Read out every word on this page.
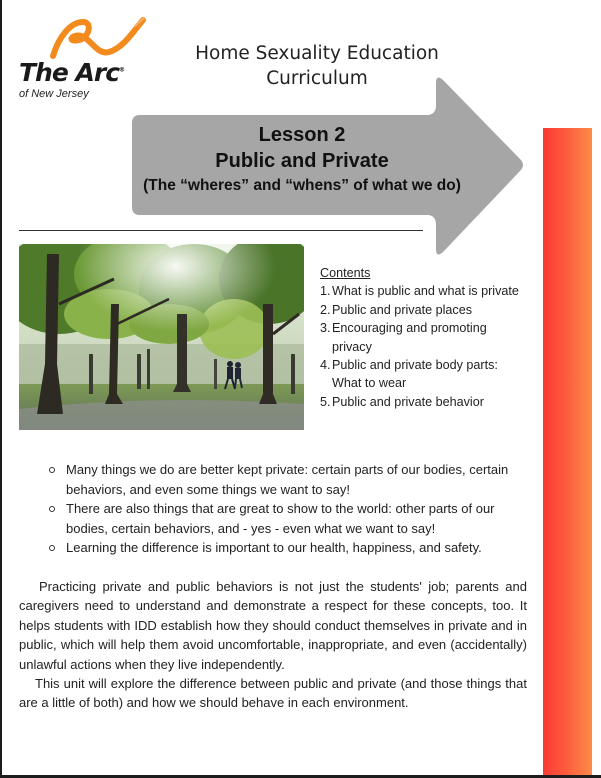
The Arc®
of New Jersey
Home Sexuality Education
Curriculum
Lesson 2
Public and Private
(The “wheres” and “whens” of what we do)
Contents
1. What is public and what is private
2. Public and private places
3. Encouraging and promoting privacy
4. Public and private body parts: What to wear
5. Public and private behavior
Many things we do are better kept private: certain parts of our bodies, certain behaviors, and even some things we want to say!
There are also things that are great to show to the world: other parts of our bodies, certain behaviors, and - yes - even what we want to say!
Learning the difference is important to our health, happiness, and safety.

Practicing private and public behaviors is not just the students' job; parents and caregivers need to understand and demonstrate a respect for these concepts, too. It helps students with IDD establish how they should conduct themselves in private and in public, which will help them avoid uncomfortable, inappropriate, and even (accidentally) unlawful actions when they live independently.

This unit will explore the difference between public and private (and those things that are a little of both) and how we should behave in each environment.
